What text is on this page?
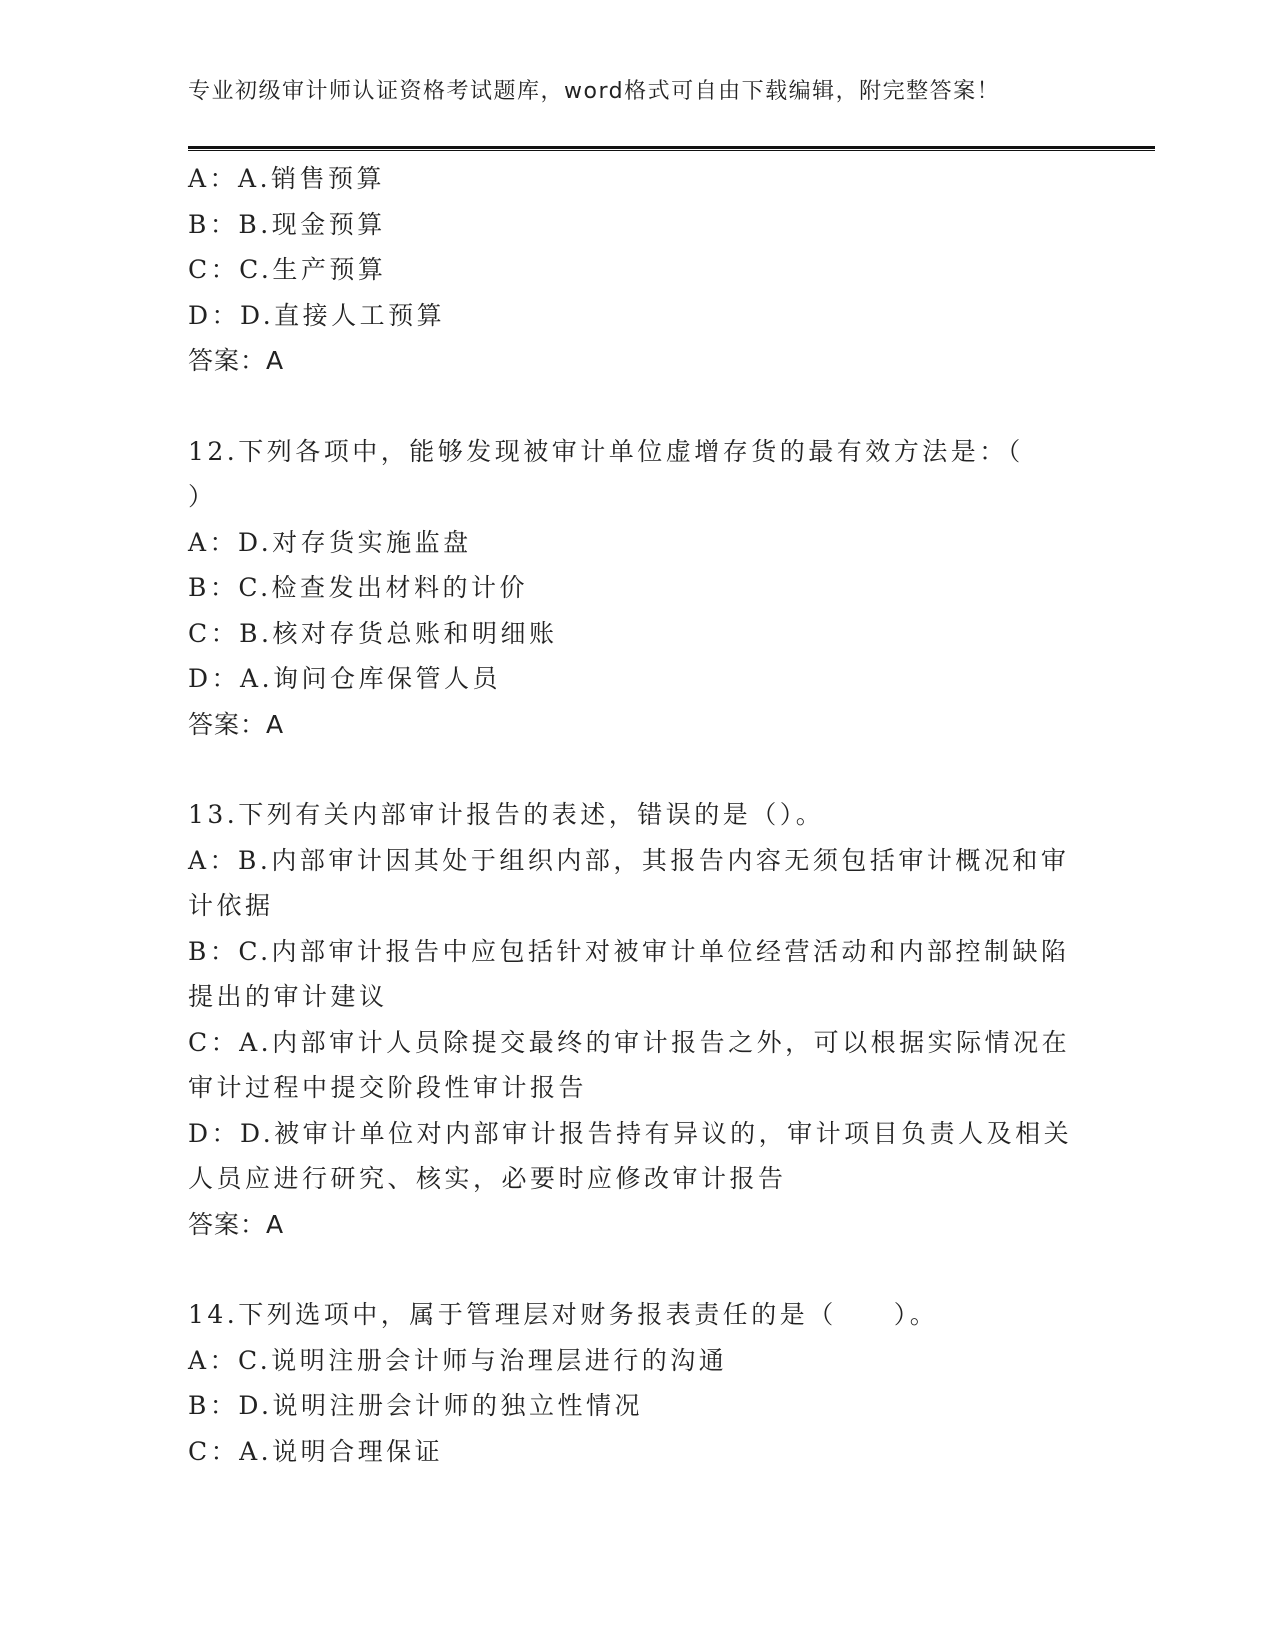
专业初级审计师认证资格考试题库，word格式可自由下载编辑，附完整答案！
A：A.销售预算
B：B.现金预算
C：C.生产预算
D：D.直接人工预算
答案：A
12.下列各项中，能够发现被审计单位虚增存货的最有效方法是：（
）
A：D.对存货实施监盘
B：C.检查发出材料的计价
C：B.核对存货总账和明细账
D：A.询问仓库保管人员
答案：A
13.下列有关内部审计报告的表述，错误的是（）。
A：B.内部审计因其处于组织内部，其报告内容无须包括审计概况和审
计依据
B：C.内部审计报告中应包括针对被审计单位经营活动和内部控制缺陷
提出的审计建议
C：A.内部审计人员除提交最终的审计报告之外，可以根据实际情况在
审计过程中提交阶段性审计报告
D：D.被审计单位对内部审计报告持有异议的，审计项目负责人及相关
人员应进行研究、核实，必要时应修改审计报告
答案：A
14.下列选项中，属于管理层对财务报表责任的是（　　）。
A：C.说明注册会计师与治理层进行的沟通
B：D.说明注册会计师的独立性情况
C：A.说明合理保证
